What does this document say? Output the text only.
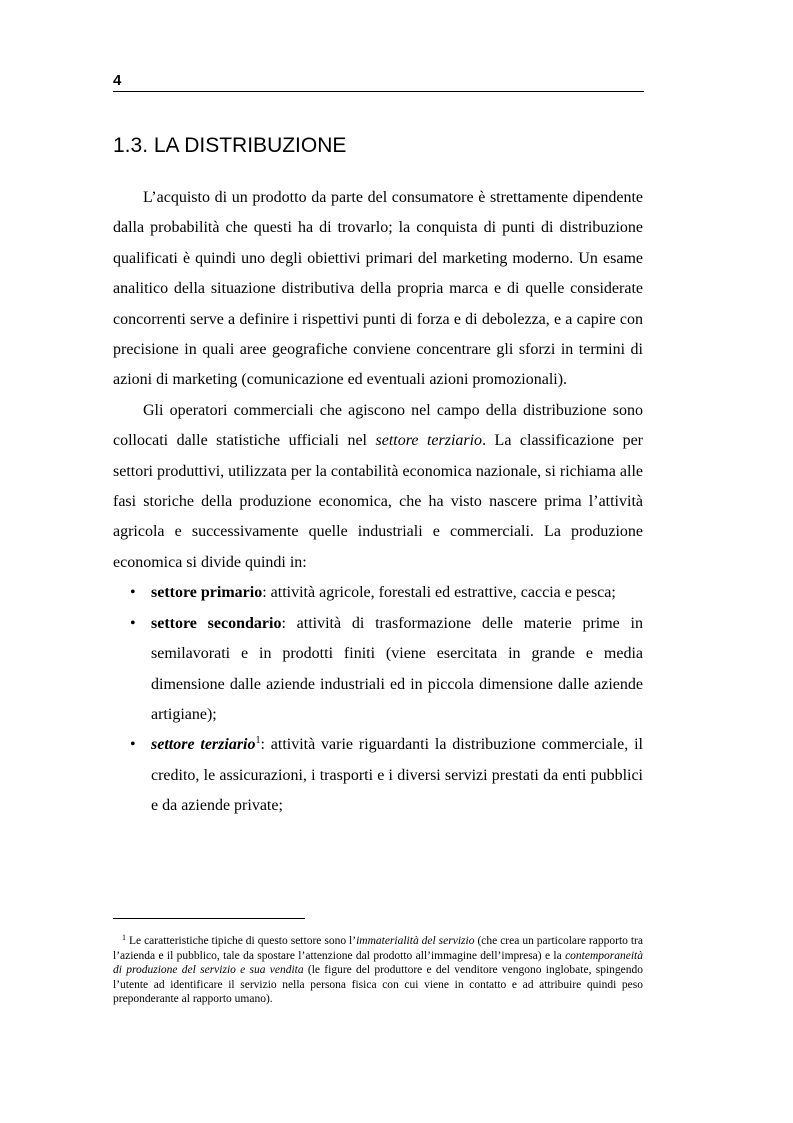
4
1.3. LA DISTRIBUZIONE

L’acquisto di un prodotto da parte del consumatore è strettamente dipendente dalla probabilità che questi ha di trovarlo; la conquista di punti di distribuzione qualificati è quindi uno degli obiettivi primari del marketing moderno. Un esame analitico della situazione distributiva della propria marca e di quelle considerate concorrenti serve a definire i rispettivi punti di forza e di debolezza, e a capire con precisione in quali aree geografiche conviene concentrare gli sforzi in termini di azioni di marketing (comunicazione ed eventuali azioni promozionali).

Gli operatori commerciali che agiscono nel campo della distribuzione sono collocati dalle statistiche ufficiali nel settore terziario. La classificazione per settori produttivi, utilizzata per la contabilità economica nazionale, si richiama alle fasi storiche della produzione economica, che ha visto nascere prima l’attività agricola e successivamente quelle industriali e commerciali. La produzione economica si divide quindi in:

• settore primario: attività agricole, forestali ed estrattive, caccia e pesca;
• settore secondario: attività di trasformazione delle materie prime in semilavorati e in prodotti finiti (viene esercitata in grande e media dimensione dalle aziende industriali ed in piccola dimensione dalle aziende artigiane);
• settore terziario$^1$: attività varie riguardanti la distribuzione commerciale, il credito, le assicurazioni, i trasporti e i diversi servizi prestati da enti pubblici e da aziende private;
$^1$ Le caratteristiche tipiche di questo settore sono l’immaterialità del servizio (che crea un particolare rapporto tra l’azienda e il pubblico, tale da spostare l’attenzione dal prodotto all’immagine dell’impresa) e la contemporaneità di produzione del servizio e sua vendita (le figure del produttore e del venditore vengono inglobate, spingendo l’utente ad identificare il servizio nella persona fisica con cui viene in contatto e ad attribuire quindi peso preponderante al rapporto umano).
